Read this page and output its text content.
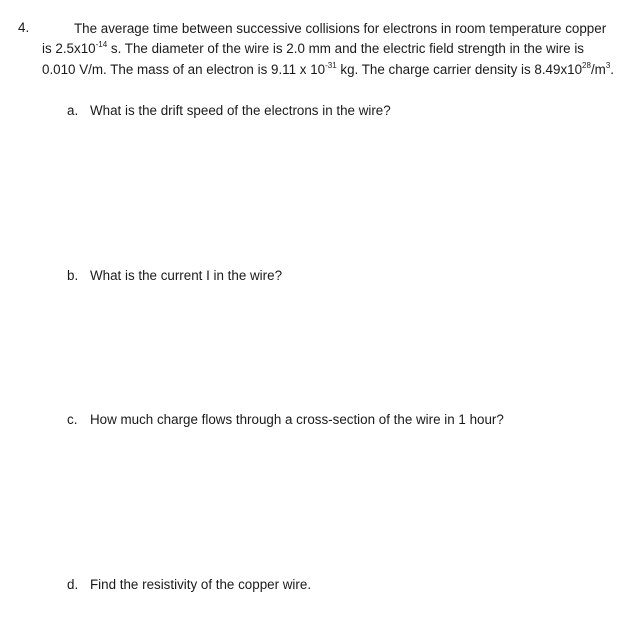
4.	The average time between successive collisions for electrons in room temperature copper
is $2.5x10^{-14}$ s. The diameter of the wire is 2.0 mm and the electric field strength in the wire is
0.010 V/m. The mass of an electron is 9.11 x $10^{-31}$ kg. The charge carrier density is $8.49x10^{28}/m^3$.
a. What is the drift speed of the electrons in the wire?
b. What is the current I in the wire?
c. How much charge flows through a cross-section of the wire in 1 hour?
d. Find the resistivity of the copper wire.
